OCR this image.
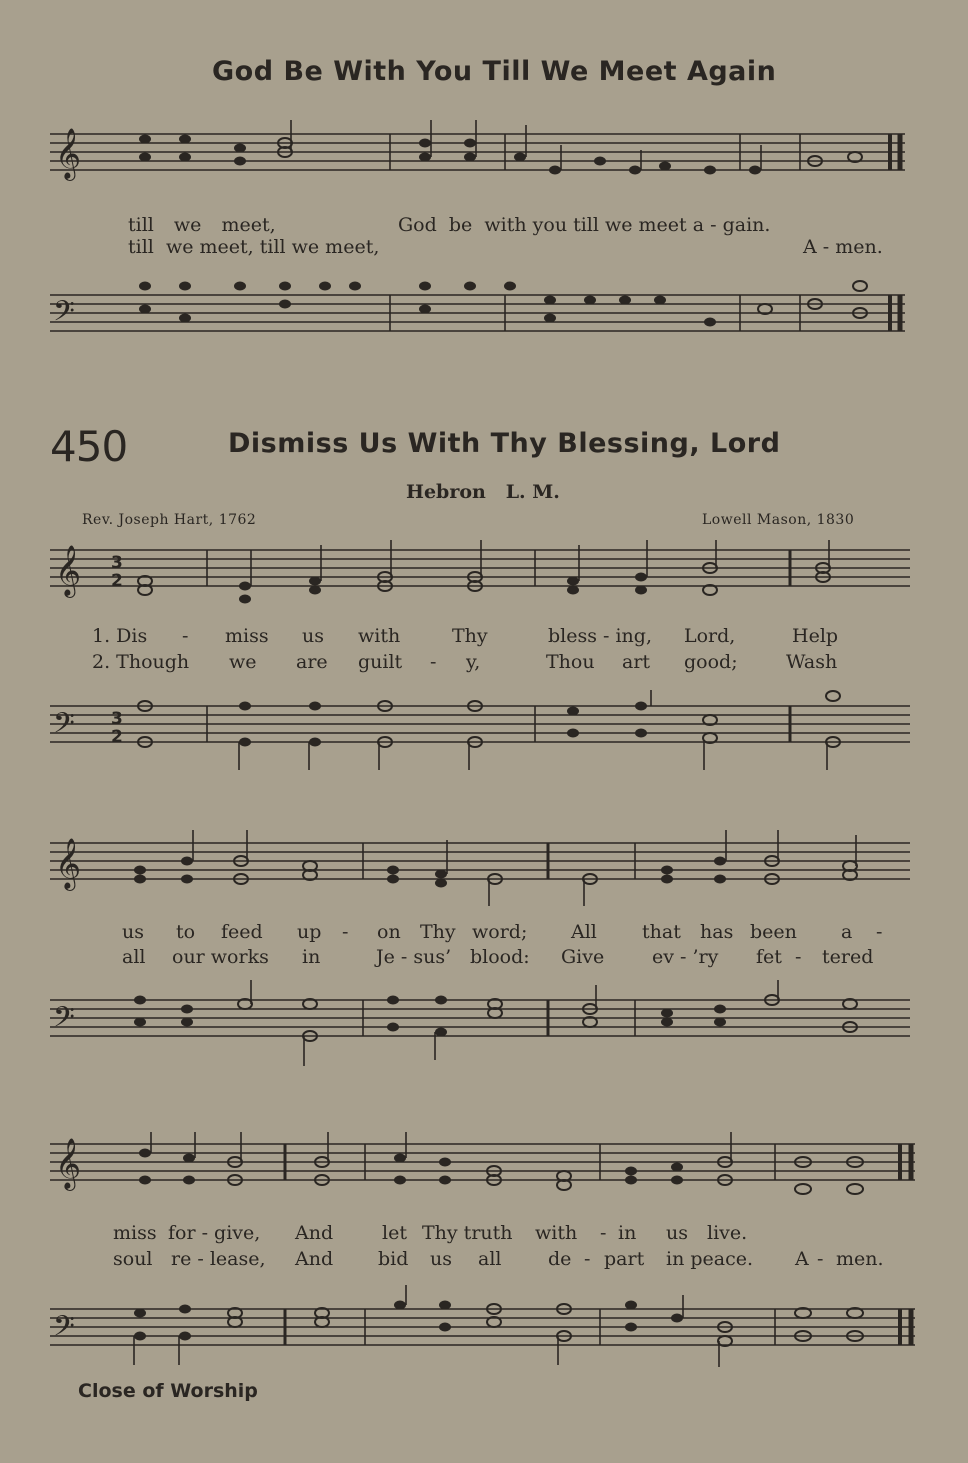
God Be With You Till We Meet Again
𝄞
till we meet,	God be with you till we meet a - gain.
till we meet, till we meet,	A - men.
𝄢
450	Dismiss Us With Thy Blessing, Lord
Hebron L. M.
Rev. Joseph Hart, 1762	Lowell Mason, 1830
𝄞 3
2
1. Dis - miss us with	Thy	bless - ing, Lord,	Help
2. Though we are guilt - y,	Thou art good;	Wash
𝄢 3
2
𝄞
us to feed up - on Thy word; All that has been a -
all our works in	Je - sus’ blood: Give	ev - ’ry fet - tered
𝄢
𝄞
miss for - give, And	let Thy truth with - in us live.
soul re - lease, And bid us all de - part in peace. A - men.
𝄢
Close of Worship
